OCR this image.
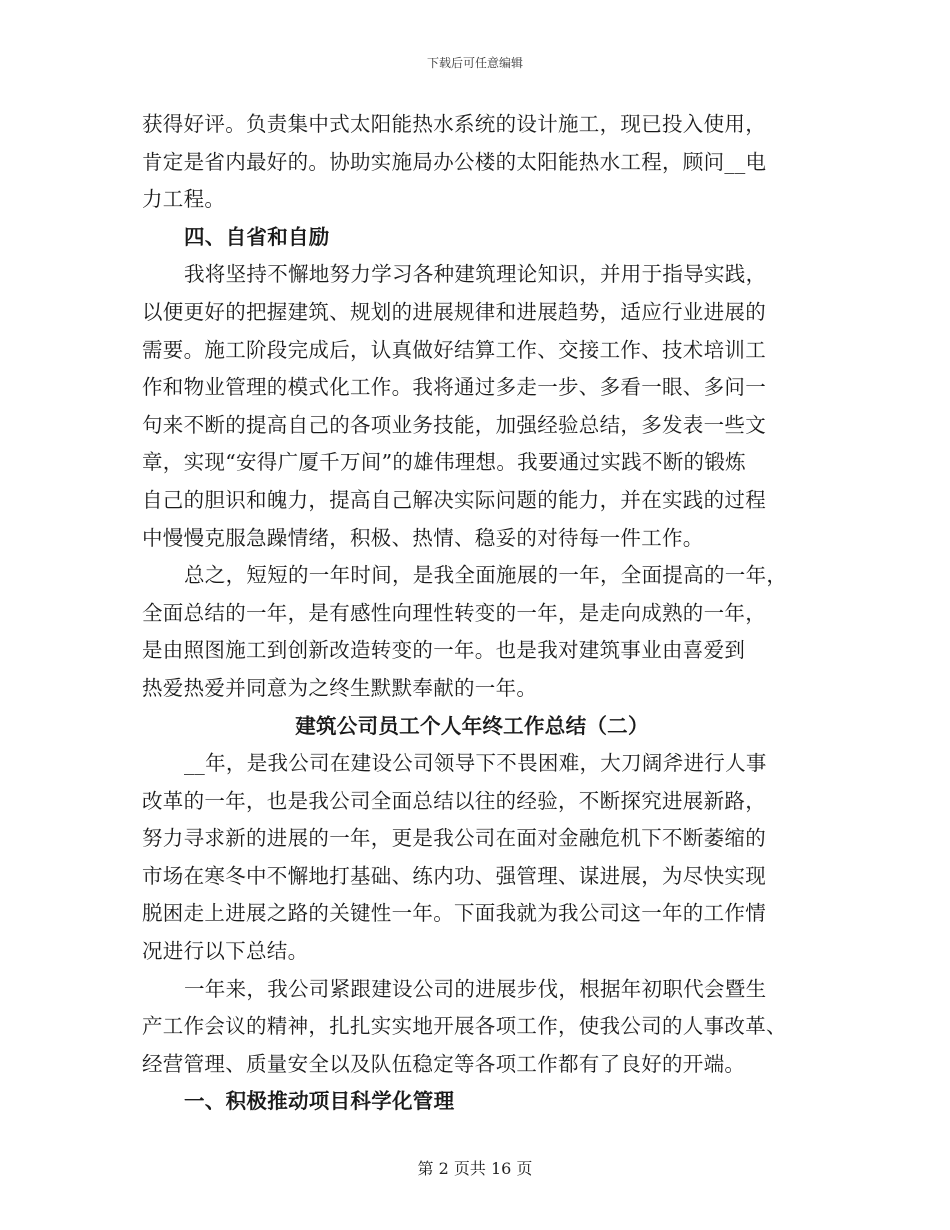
下载后可任意编辑
获得好评。负责集中式太阳能热水系统的设计施工，现已投入使用，
肯定是省内最好的。协助实施局办公楼的太阳能热水工程，顾问__电
力工程。
四、自省和自励
我将坚持不懈地努力学习各种建筑理论知识，并用于指导实践，
以便更好的把握建筑、规划的进展规律和进展趋势，适应行业进展的
需要。施工阶段完成后，认真做好结算工作、交接工作、技术培训工
作和物业管理的模式化工作。我将通过多走一步、多看一眼、多问一
句来不断的提高自己的各项业务技能，加强经验总结，多发表一些文
章，实现“安得广厦千万间”的雄伟理想。我要通过实践不断的锻炼
自己的胆识和魄力，提高自己解决实际问题的能力，并在实践的过程
中慢慢克服急躁情绪，积极、热情、稳妥的对待每一件工作。
总之，短短的一年时间，是我全面施展的一年，全面提高的一年，
全面总结的一年，是有感性向理性转变的一年，是走向成熟的一年，
是由照图施工到创新改造转变的一年。也是我对建筑事业由喜爱到
热爱热爱并同意为之终生默默奉献的一年。
建筑公司员工个人年终工作总结（二）
__年，是我公司在建设公司领导下不畏困难，大刀阔斧进行人事
改革的一年，也是我公司全面总结以往的经验，不断探究进展新路，
努力寻求新的进展的一年，更是我公司在面对金融危机下不断萎缩的
市场在寒冬中不懈地打基础、练内功、强管理、谋进展，为尽快实现
脱困走上进展之路的关键性一年。下面我就为我公司这一年的工作情
况进行以下总结。
一年来，我公司紧跟建设公司的进展步伐，根据年初职代会暨生
产工作会议的精神，扎扎实实地开展各项工作，使我公司的人事改革、
经营管理、质量安全以及队伍稳定等各项工作都有了良好的开端。
一、积极推动项目科学化管理
第 2 页共 16 页
